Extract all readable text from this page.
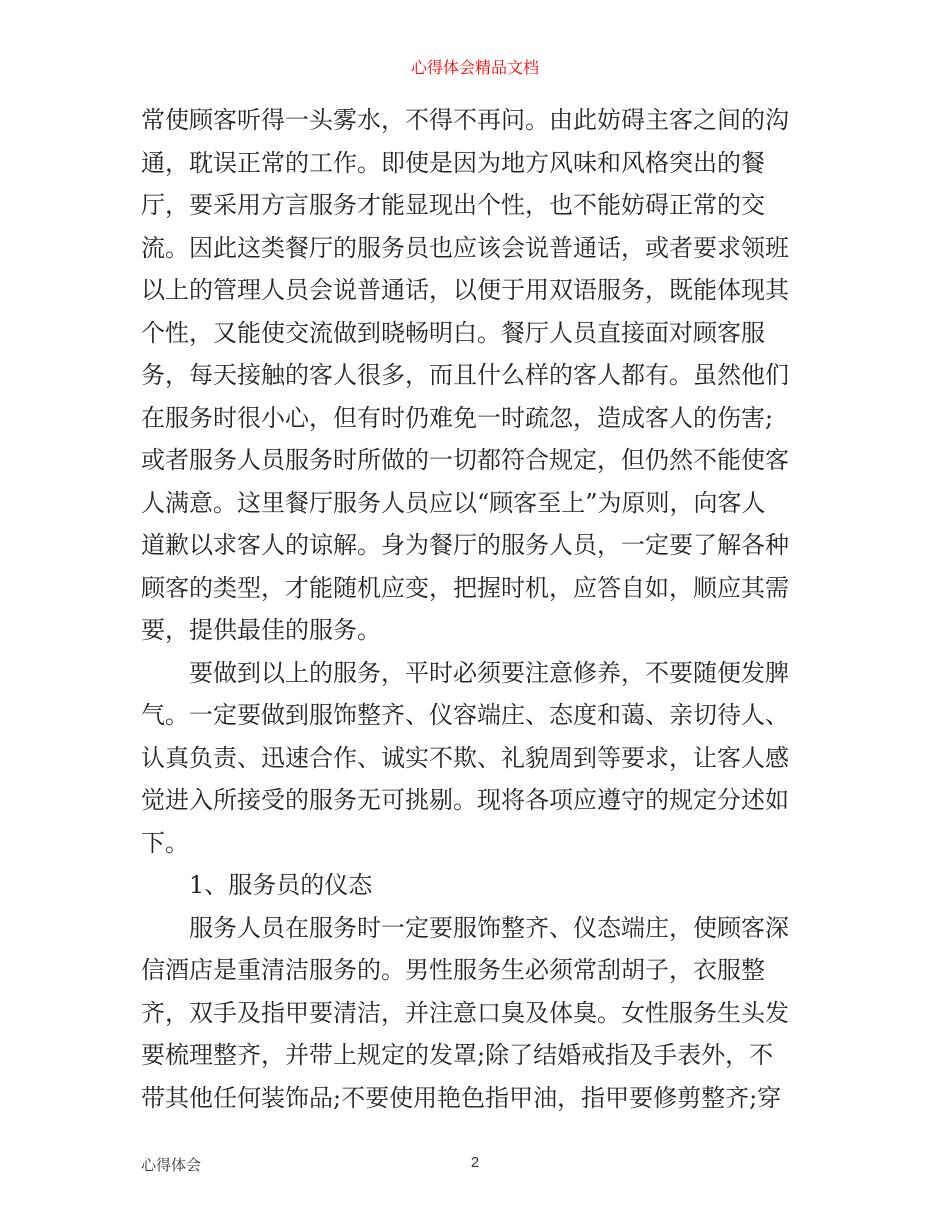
心得体会精品文档
常使顾客听得一头雾水，不得不再问。由此妨碍主客之间的沟
通，耽误正常的工作。即使是因为地方风味和风格突出的餐
厅，要采用方言服务才能显现出个性，也不能妨碍正常的交
流。因此这类餐厅的服务员也应该会说普通话，或者要求领班
以上的管理人员会说普通话，以便于用双语服务，既能体现其
个性，又能使交流做到晓畅明白。餐厅人员直接面对顾客服
务，每天接触的客人很多，而且什么样的客人都有。虽然他们
在服务时很小心，但有时仍难免一时疏忽，造成客人的伤害;
或者服务人员服务时所做的一切都符合规定，但仍然不能使客
人满意。这里餐厅服务人员应以“顾客至上”为原则，向客人
道歉以求客人的谅解。身为餐厅的服务人员，一定要了解各种
顾客的类型，才能随机应变，把握时机，应答自如，顺应其需
要，提供最佳的服务。
　　要做到以上的服务，平时必须要注意修养，不要随便发脾
气。一定要做到服饰整齐、仪容端庄、态度和蔼、亲切待人、
认真负责、迅速合作、诚实不欺、礼貌周到等要求，让客人感
觉进入所接受的服务无可挑剔。现将各项应遵守的规定分述如
下。
　　1、服务员的仪态
　　服务人员在服务时一定要服饰整齐、仪态端庄，使顾客深
信酒店是重清洁服务的。男性服务生必须常刮胡子，衣服整
齐，双手及指甲要清洁，并注意口臭及体臭。女性服务生头发
要梳理整齐，并带上规定的发罩;除了结婚戒指及手表外，不
带其他任何装饰品;不要使用艳色指甲油，指甲要修剪整齐;穿
心得体会	2
